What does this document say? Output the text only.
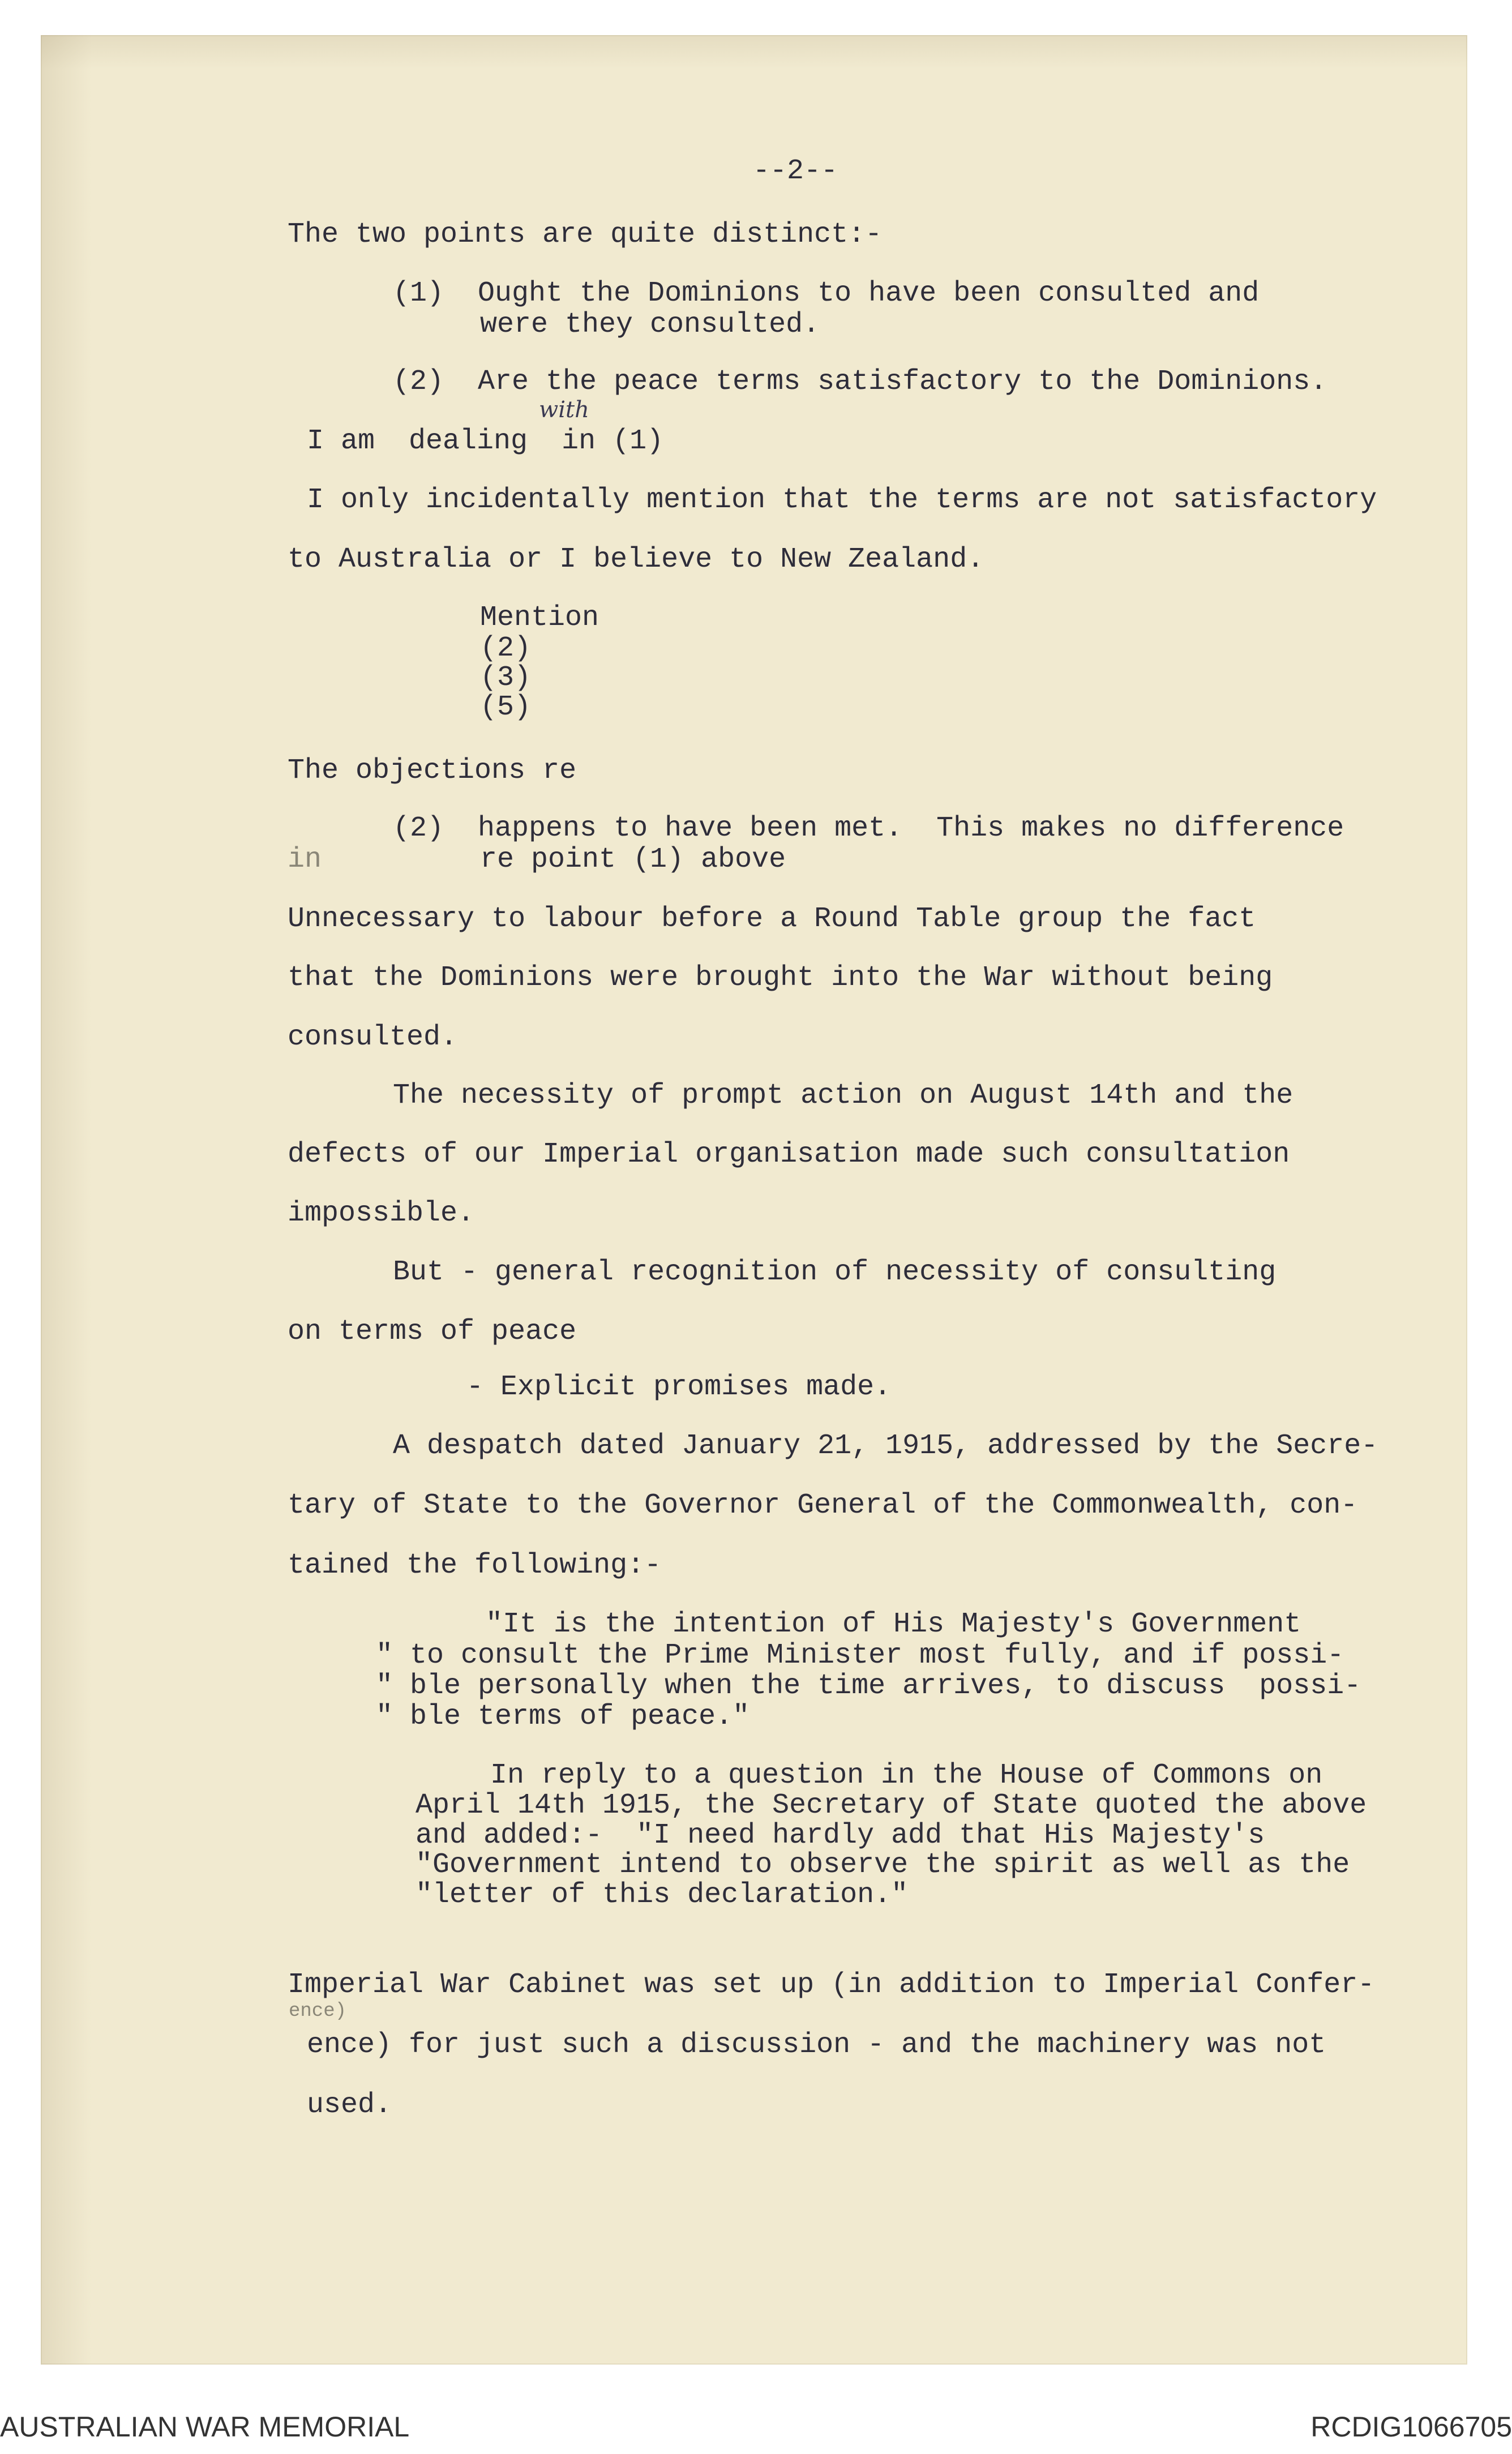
--2--
The two points are quite distinct:-
(1)  Ought the Dominions to have been consulted and
were they consulted.
(2)  Are the peace terms satisfactory to the Dominions.
with
I am  dealing  in (1)
I only incidentally mention that the terms are not satisfactory
to Australia or I believe to New Zealand.
Mention
(2)
(3)
(5)
The objections re
(2)  happens to have been met.  This makes no difference
in	re point (1) above
Unnecessary to labour before a Round Table group the fact
that the Dominions were brought into the War without being
consulted.
The necessity of prompt action on August 14th and the
defects of our Imperial organisation made such consultation
impossible.
But - general recognition of necessity of consulting
on terms of peace
- Explicit promises made.
A despatch dated January 21, 1915, addressed by the Secre-
tary of State to the Governor General of the Commonwealth, con-
tained the following:-
"It is the intention of His Majesty's Government
" to consult the Prime Minister most fully, and if possi-
" ble personally when the time arrives, to discuss  possi-
" ble terms of peace."
In reply to a question in the House of Commons on
April 14th 1915, the Secretary of State quoted the above
and added:-  "I need hardly add that His Majesty's
"Government intend to observe the spirit as well as the
"letter of this declaration."
Imperial War Cabinet was set up (in addition to Imperial Confer-
ence)
ence) for just such a discussion - and the machinery was not
used.
AUSTRALIAN WAR MEMORIAL	RCDIG1066705
